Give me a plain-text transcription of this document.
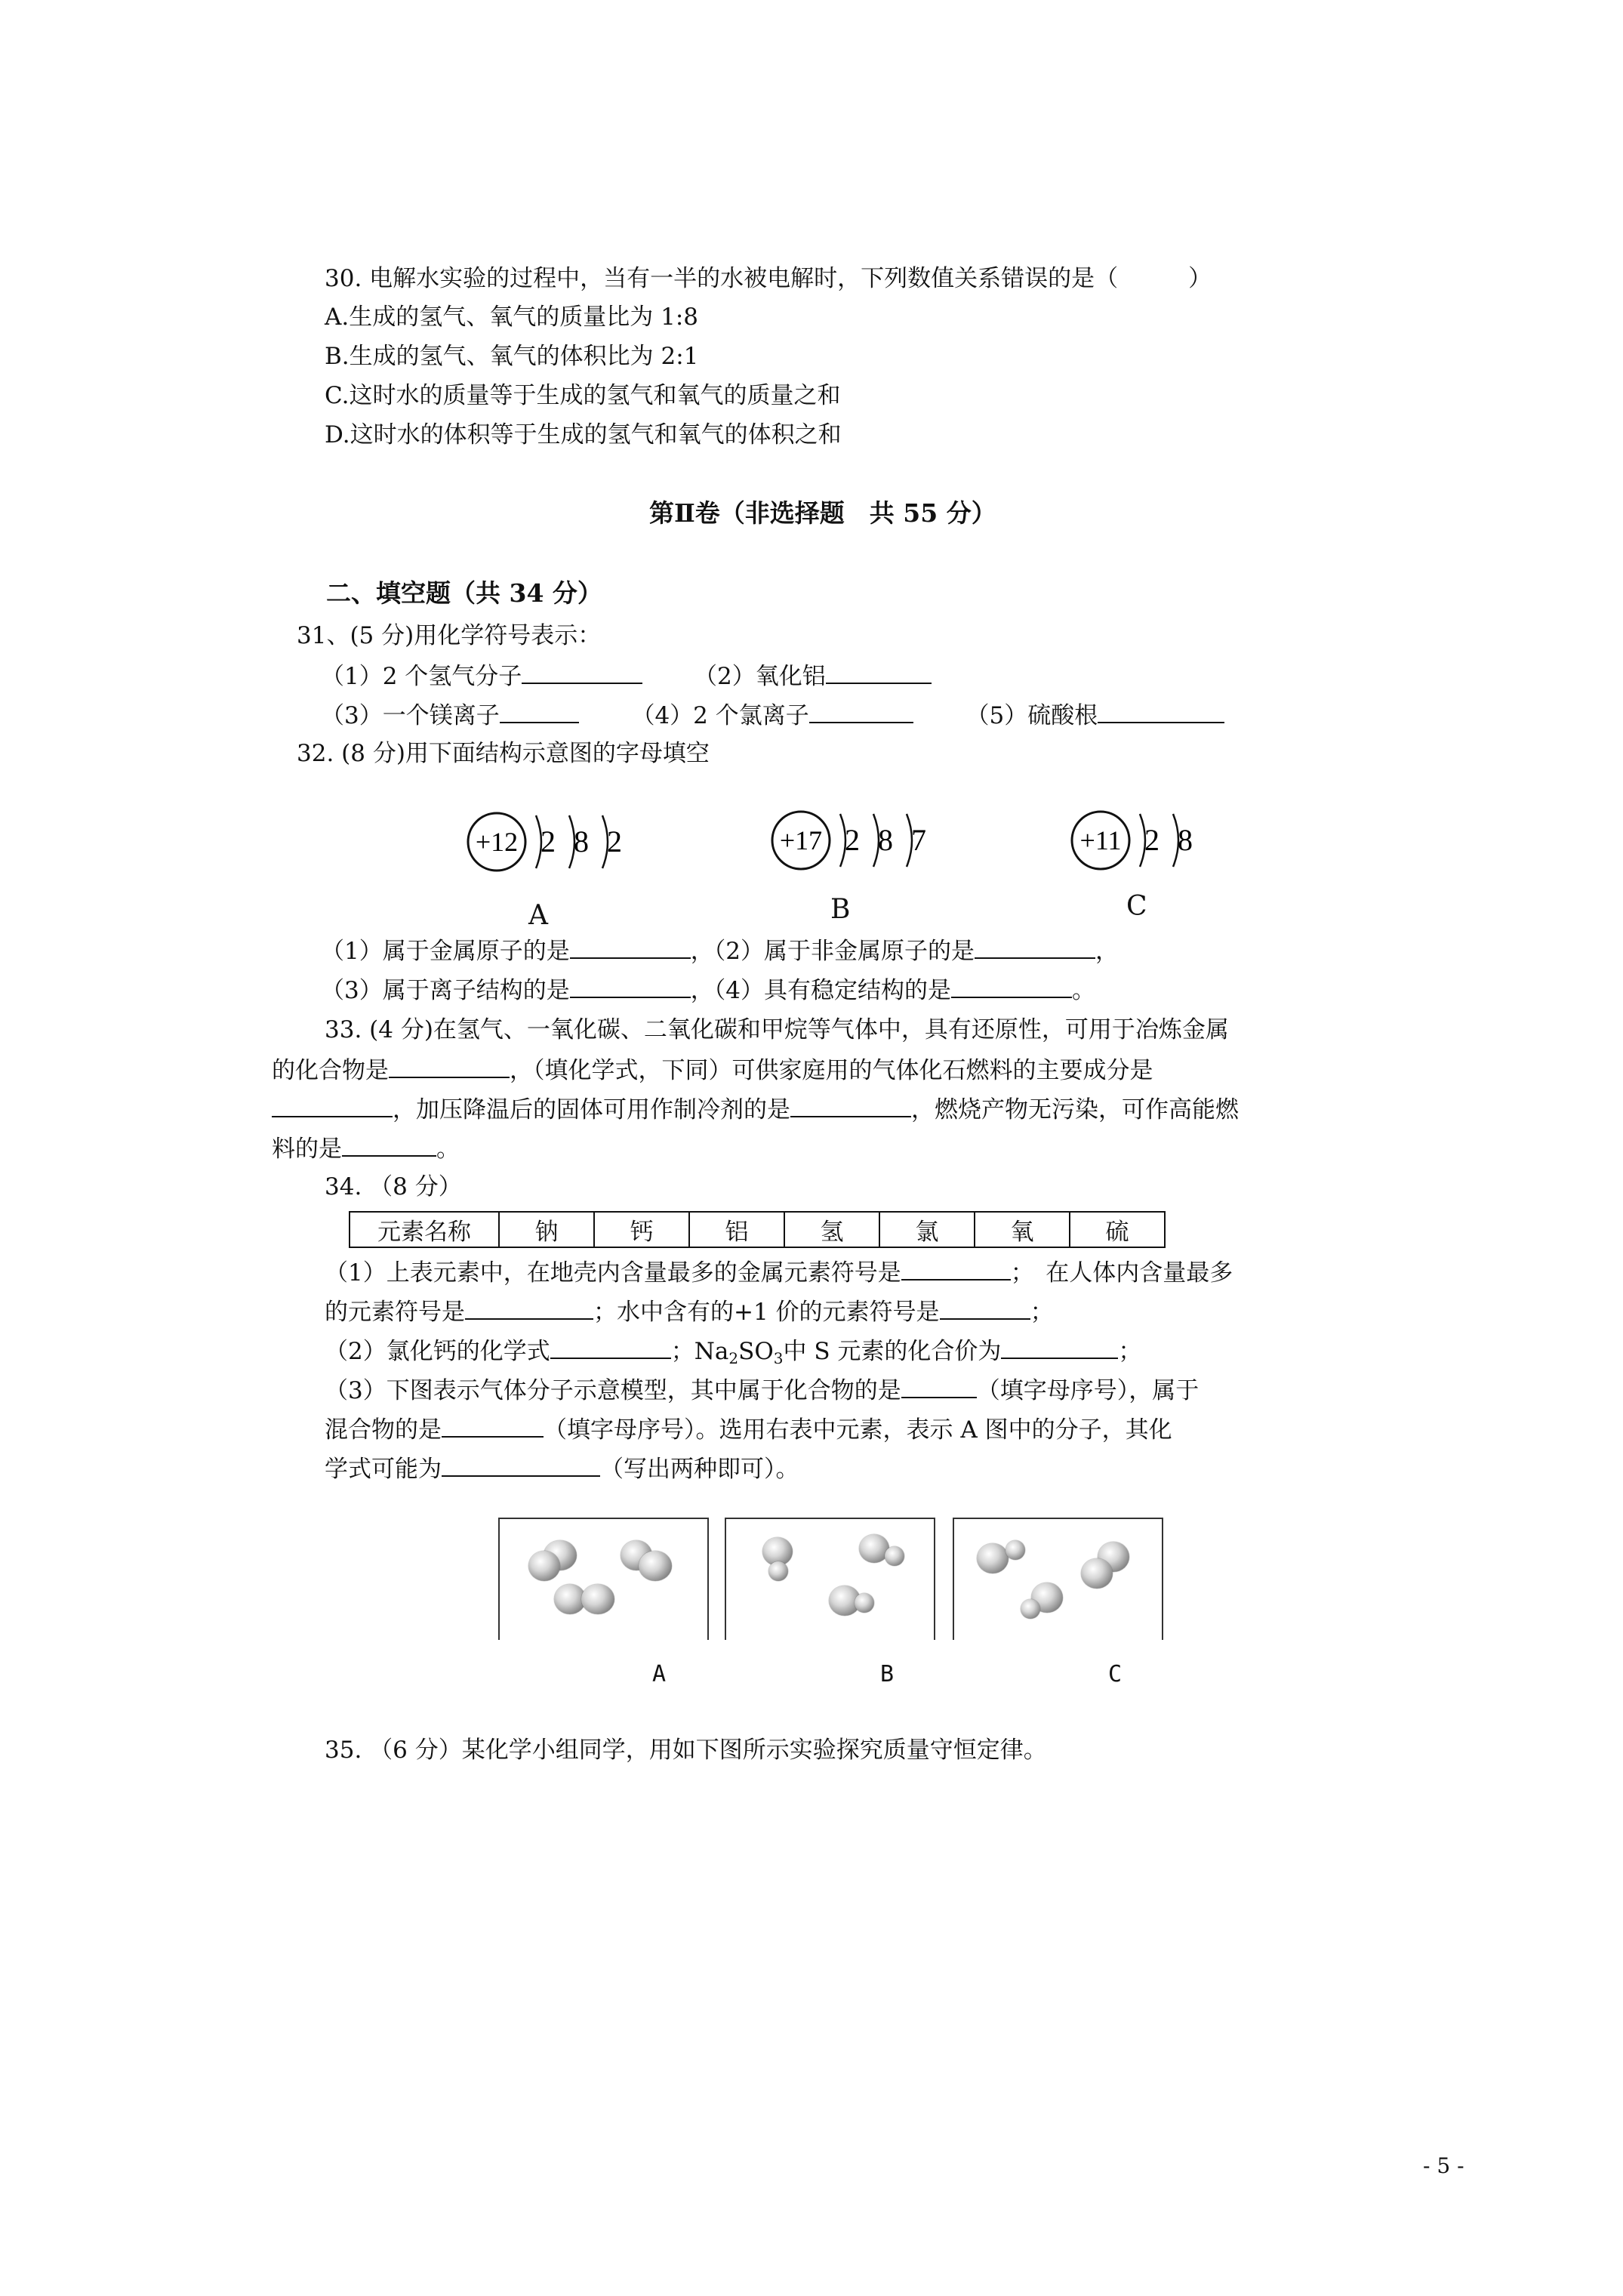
30. 电解水实验的过程中，当有一半的水被电解时，下列数值关系错误的是（　　　）
A.生成的氢气、氧气的质量比为 1:8
B.生成的氢气、氧气的体积比为 2:1
C.这时水的质量等于生成的氢气和氧气的质量之和
D.这时水的体积等于生成的氢气和氧气的体积之和
第Ⅱ卷（非选择题　共 55 分）
二、填空题（共 34 分）
31、(5 分)用化学符号表示：
（1）2 个氢气分子	（2）氧化铝
（3）一个镁离子	（4）2 个氯离子	（5）硫酸根
32. (8 分)用下面结构示意图的字母填空
+12 2 8 2
A
+17 2 8 7
B
+11 2 8
C
（1）属于金属原子的是	，（2）属于非金属原子的是	，
（3）属于离子结构的是	，（4）具有稳定结构的是	。
33. (4 分)在氢气、一氧化碳、二氧化碳和甲烷等气体中，具有还原性，可用于冶炼金属
的化合物是	，（填化学式，下同）可供家庭用的气体化石燃料的主要成分是
，加压降温后的固体可用作制冷剂的是	，燃烧产物无污染，可作高能燃
料的是	。
34. （8 分）
元素名称	钠	钙	铝	氢	氯	氧	硫
（1）上表元素中，在地壳内含量最多的金属元素符号是	；　在人体内含量最多
的元素符号是	；水中含有的+1 价的元素符号是	；
（2）氯化钙的化学式	；$Na_2SO_3$中 S 元素的化合价为	；
（3）下图表示气体分子示意模型，其中属于化合物的是	（填字母序号），属于
混合物的是	（填字母序号）。选用右表中元素，表示 A 图中的分子，其化
学式可能为	（写出两种即可）。
A	B	C
35. （6 分）某化学小组同学，用如下图所示实验探究质量守恒定律。
- 5 -
